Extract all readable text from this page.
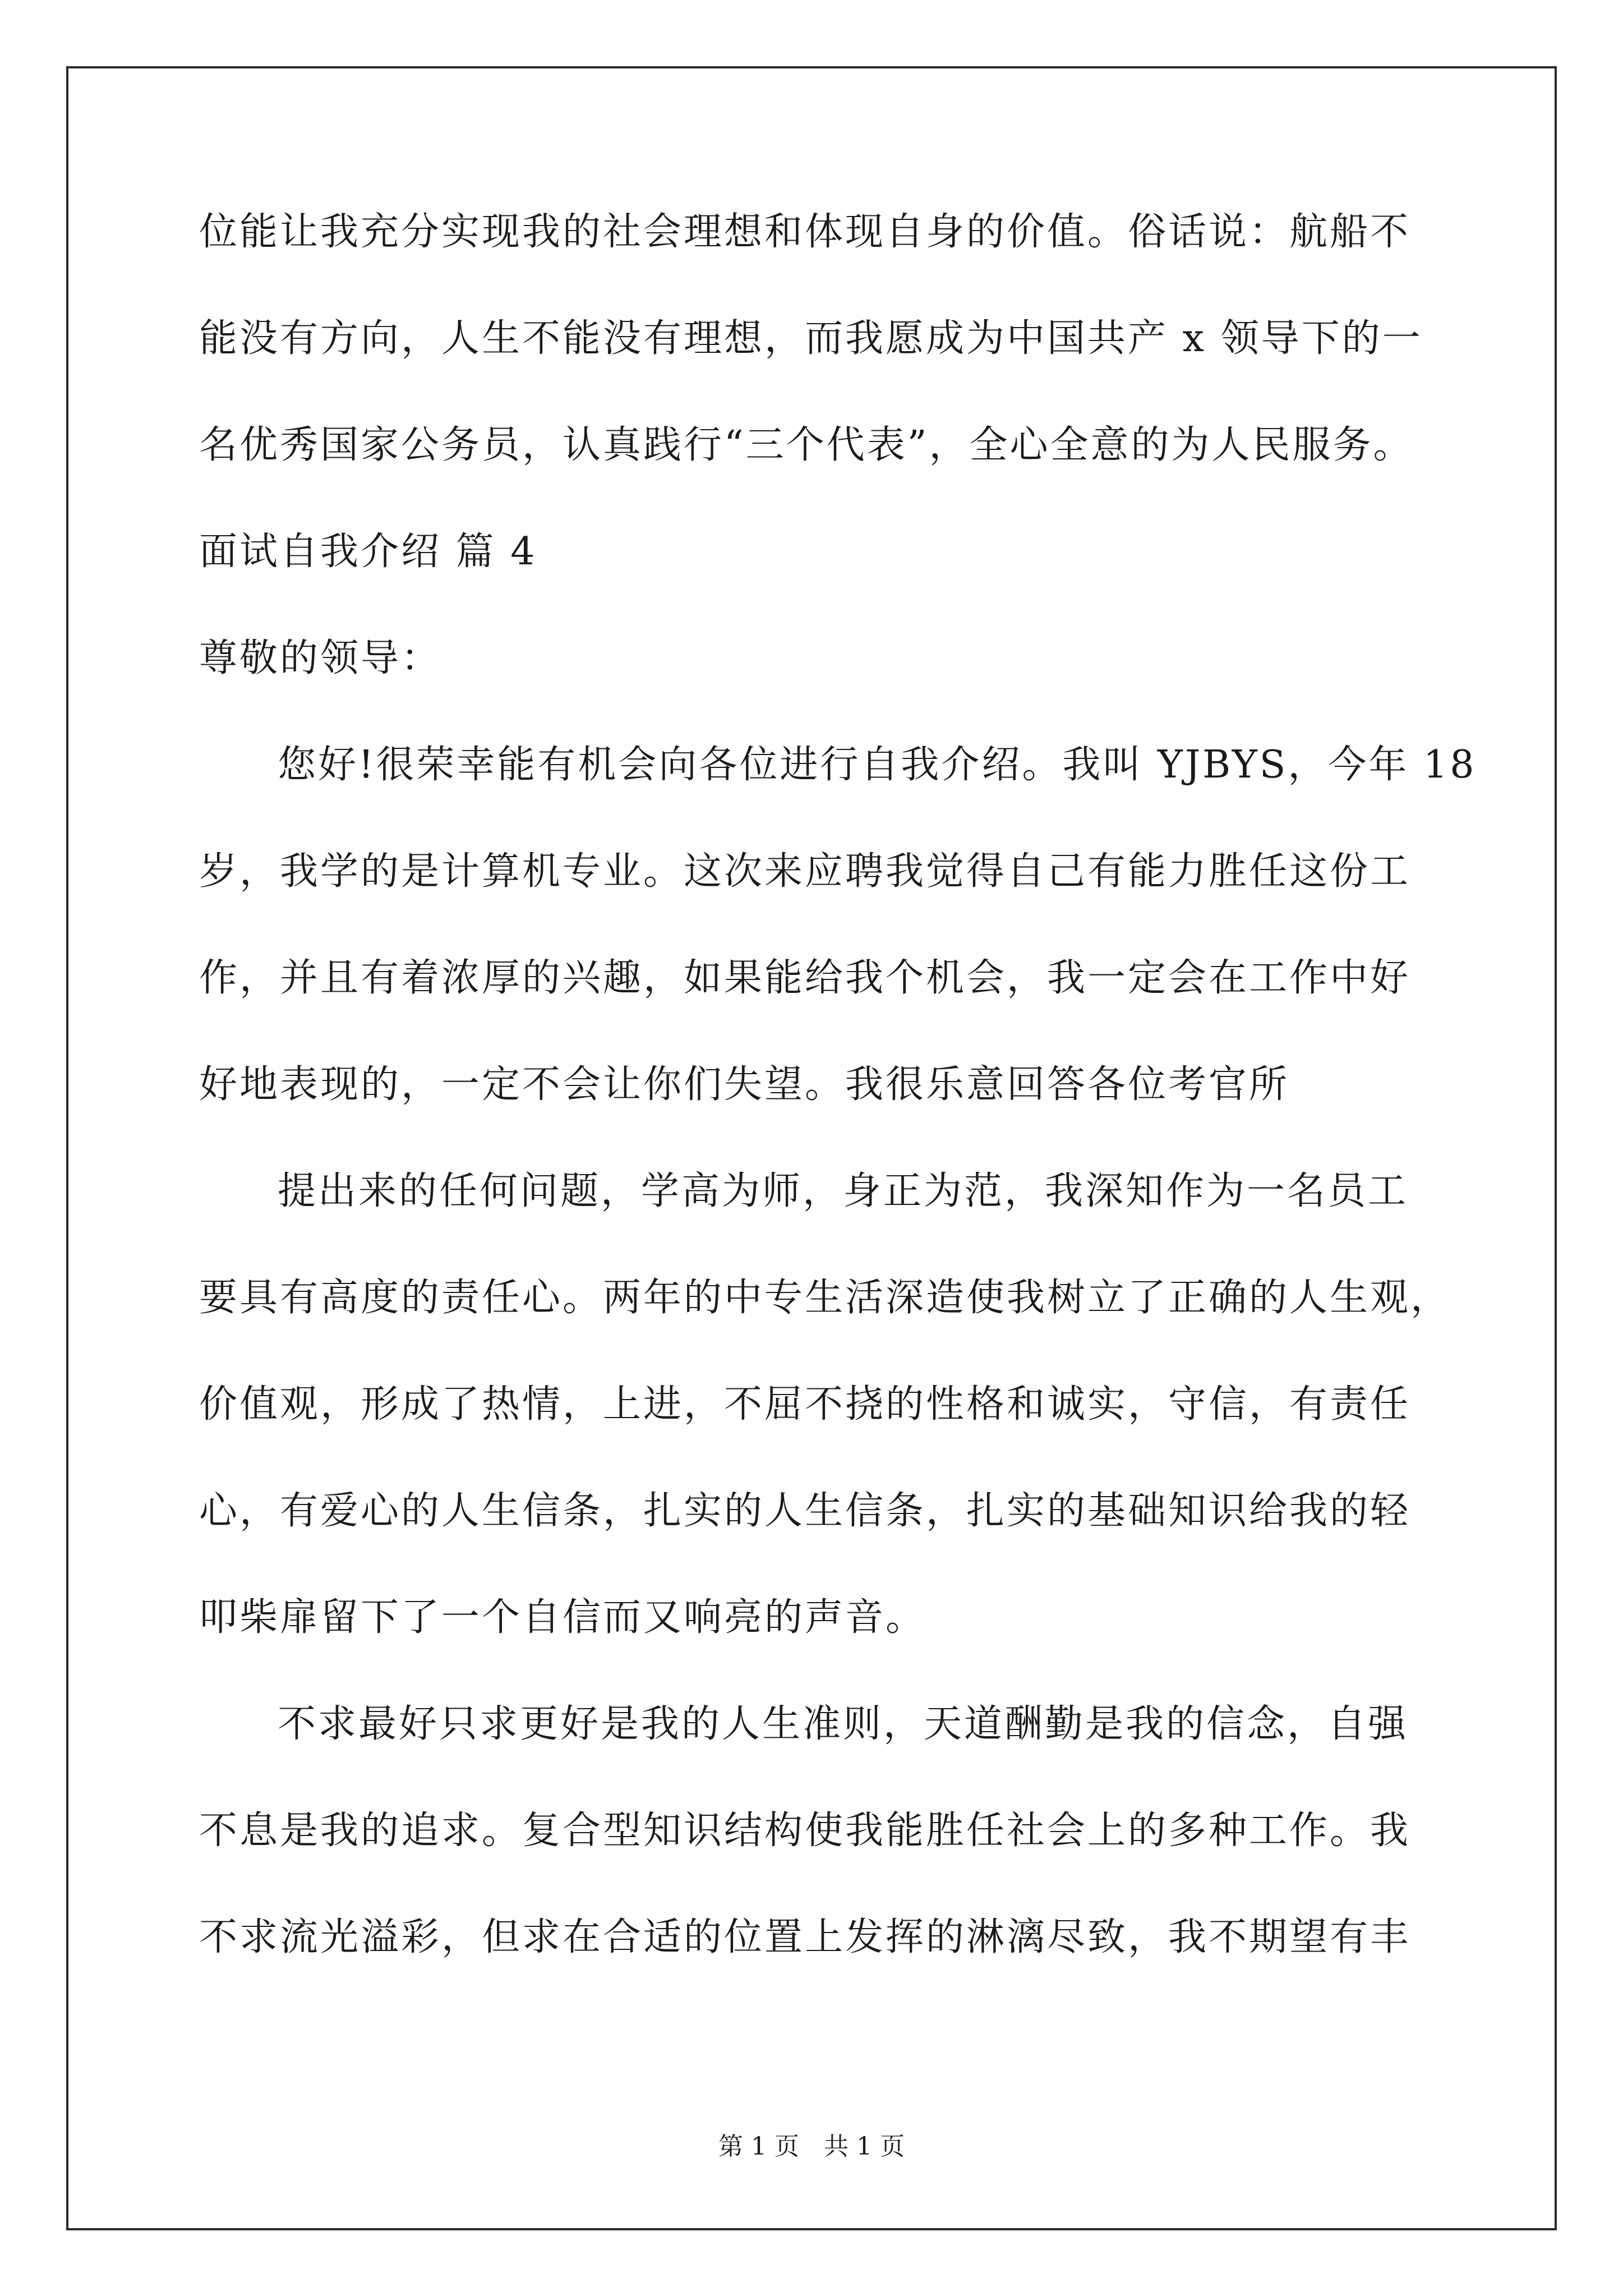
位能让我充分实现我的社会理想和体现自身的价值。俗话说：航船不
能没有方向，人生不能没有理想，而我愿成为中国共产 x 领导下的一
名优秀国家公务员，认真践行“三个代表”，全心全意的为人民服务。
面试自我介绍 篇 4
尊敬的领导：
您好!很荣幸能有机会向各位进行自我介绍。我叫 YJBYS，今年 18
岁，我学的是计算机专业。这次来应聘我觉得自己有能力胜任这份工
作，并且有着浓厚的兴趣，如果能给我个机会，我一定会在工作中好
好地表现的，一定不会让你们失望。我很乐意回答各位考官所
提出来的任何问题，学高为师，身正为范，我深知作为一名员工
要具有高度的责任心。两年的中专生活深造使我树立了正确的人生观，
价值观，形成了热情，上进，不屈不挠的性格和诚实，守信，有责任
心，有爱心的人生信条，扎实的人生信条，扎实的基础知识给我的轻
叩柴扉留下了一个自信而又响亮的声音。
不求最好只求更好是我的人生准则，天道酬勤是我的信念，自强
不息是我的追求。复合型知识结构使我能胜任社会上的多种工作。我
不求流光溢彩，但求在合适的位置上发挥的淋漓尽致，我不期望有丰
第 1 页　共 1 页
